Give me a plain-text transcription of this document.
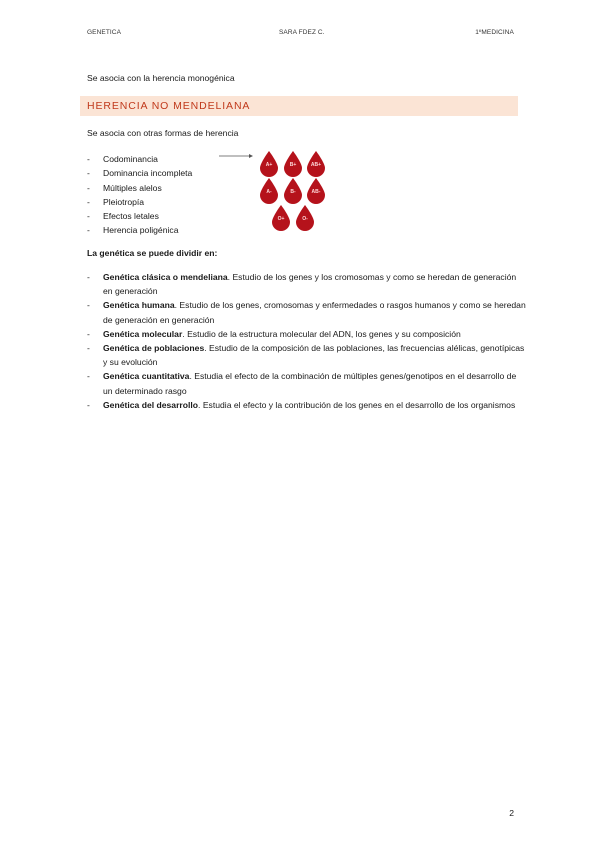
GENETICA	SARA FDEZ C.	1ºMEDICINA
Se asocia con la herencia monogénica
HERENCIA NO MENDELIANA
Se asocia con otras formas de herencia
- Codominancia
- Dominancia incompleta
- Múltiples alelos
- Pleiotropía
- Efectos letales
- Herencia poligénica
A+	B+	AB+
A-	B-	AB-
O+	O-
La genética se puede dividir en:
- Genética clásica o mendeliana. Estudio de los genes y los cromosomas y como se heredan de generación en generación
- Genética humana. Estudio de los genes, cromosomas y enfermedades o rasgos humanos y como se heredan de generación en generación
- Genética molecular. Estudio de la estructura molecular del ADN, los genes y su composición
- Genética de poblaciones. Estudio de la composición de las poblaciones, las frecuencias alélicas, genotípicas y su evolución
- Genética cuantitativa. Estudia el efecto de la combinación de múltiples genes/genotipos en el desarrollo de un determinado rasgo
- Genética del desarrollo. Estudia el efecto y la contribución de los genes en el desarrollo de los organismos
2
